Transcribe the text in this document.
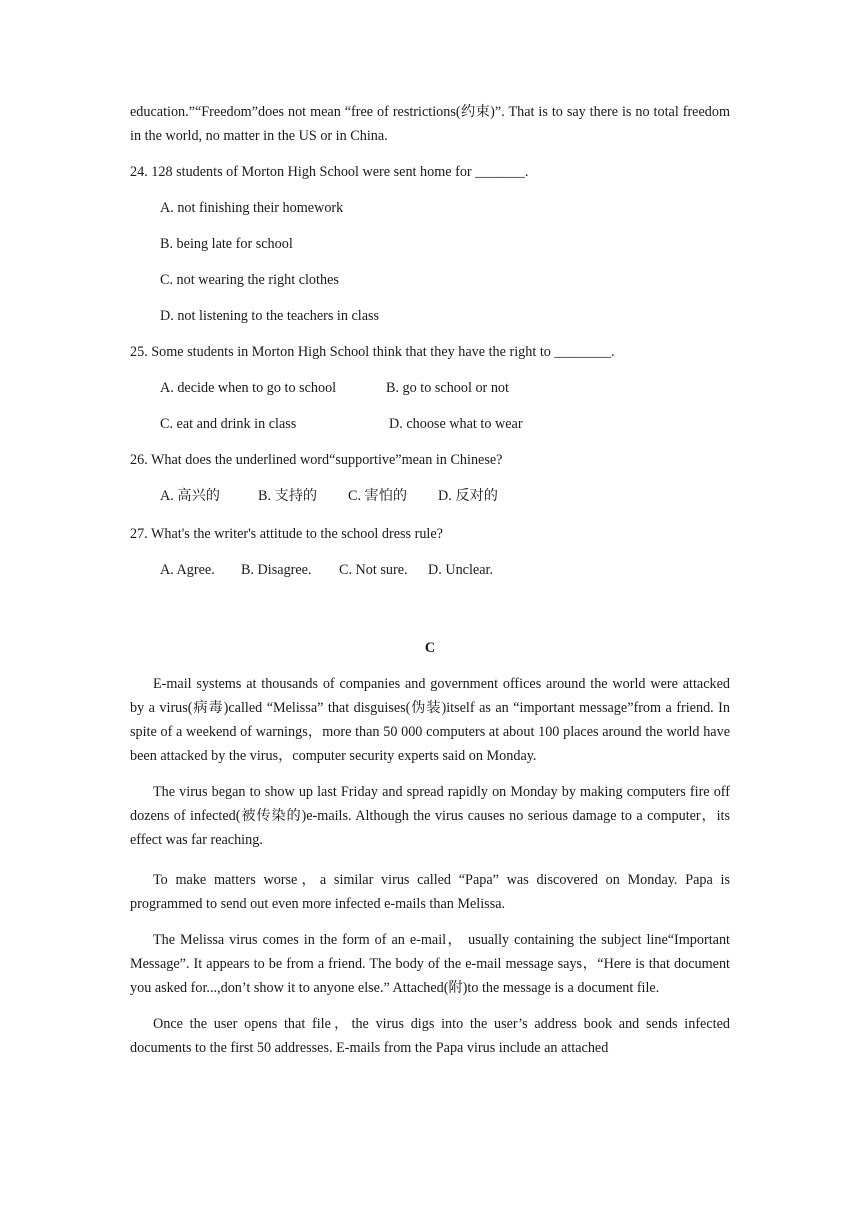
education.”“Freedom”does not mean “free of restrictions(约束)”. That is to say there is no total freedom in the world, no matter in the US or in China.

24. 128 students of Morton High School were sent home for _______.

A. not finishing their homework

B. being late for school

C. not wearing the right clothes

D. not listening to the teachers in class

25. Some students in Morton High School think that they have the right to ________.

A. decide when to go to school	B. go to school or not
C. eat and drink in class	D. choose what to wear

26. What does the underlined word“supportive”mean in Chinese?

A. 高兴的	B. 支持的 C. 害怕的 D. 反对的

27. What's the writer's attitude to the school dress rule?

A. Agree. B. Disagree. C. Not sure. D. Unclear.

C

E-mail systems at thousands of companies and government offices around the world were attacked by a virus(病毒)called “Melissa” that disguises(伪装)itself as an “important message”from a friend. In spite of a weekend of warnings，more than 50 000 computers at about 100 places around the world have been attacked by the virus，computer security experts said on Monday.

The virus began to show up last Friday and spread rapidly on Monday by making computers fire off dozens of infected(被传染的)e-mails. Although the virus causes no serious damage to a computer，its effect was far reaching.

To make matters worse，a similar virus called “Papa” was discovered on Monday. Papa is programmed to send out even more infected e-mails than Melissa.

The Melissa virus comes in the form of an e-mail， usually containing the subject line“Important Message”. It appears to be from a friend. The body of the e-mail message says，“Here is that document you asked for...,don’t show it to anyone else.” Attached(附)to the message is a document file.

Once the user opens that file，the virus digs into the user’s address book and sends infected documents to the first 50 addresses. E-mails from the Papa virus include an attached
